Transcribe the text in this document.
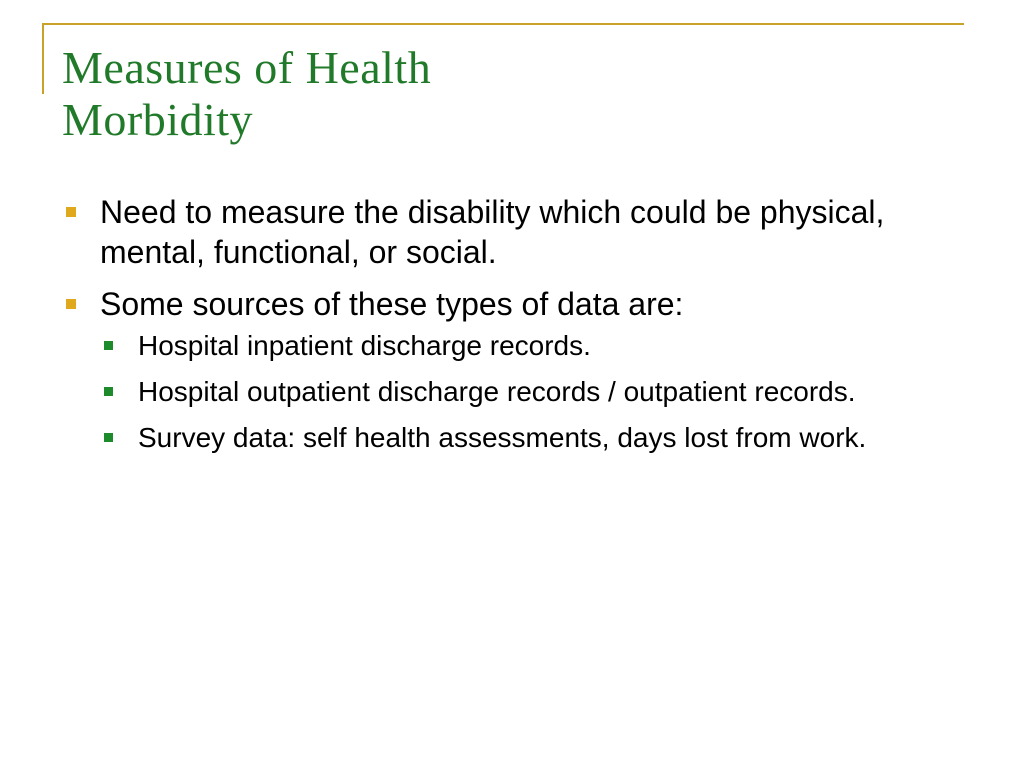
Measures of Health
Morbidity
Need to measure the disability which could be physical, mental, functional, or social.
Some sources of these types of data are:
Hospital inpatient discharge records.
Hospital outpatient discharge records / outpatient records.
Survey data: self health assessments, days lost from work.
